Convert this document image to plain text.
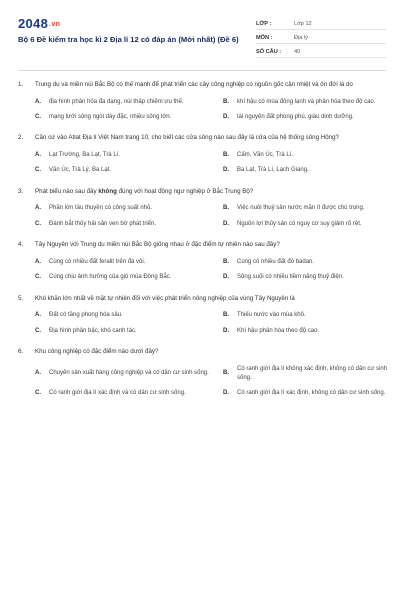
2048.vn
Bộ 6 Đề kiểm tra học kì 2 Địa lí 12 có đáp án (Mới nhất) (Đề 6)
LỚP :	Lớp 12
MÔN :	Địa lý
SỐ CÂU :	40
1.	Trung du và miền núi Bắc Bộ có thế mạnh để phát triển các cây công nghiệp có nguồn gốc cận nhiệt và ôn đới là do
A.	địa hình phân hóa đa dạng, núi thấp chiếm ưu thế.	B.	khí hậu có mùa đông lạnh và phân hóa theo độ cao.
C.	mạng lưới sông ngòi dày đặc, nhiều sông lớn.	D.	tài nguyên đất phong phú, giàu dinh dưỡng.
2.	Căn cứ vào Atlat Địa lí Việt Nam trang 10, cho biết các cửa sông nào sau đây là cửa của hệ thống sông Hồng?
A.	Lạt Trường, Ba Lạt, Trà Lí.	B.	Cấm, Văn Úc, Trà Lí.
C.	Văn Úc, Trà Lý, Ba Lạt.	D.	Ba Lạt, Trà Lí, Lạch Giang.
3.	Phát biểu nào sau đây không đúng với hoạt động ngư nghiệp ở Bắc Trung Bộ?
A.	Phần lớn tàu thuyền có công suất nhỏ.	B.	Việc nuôi thuỷ sản nước mặn ít được chú trọng.
C.	Đánh bắt thủy hải sản ven bờ phát triển.	D.	Nguồn lợi thủy sản có nguy cơ suy giảm rõ rệt.
4.	Tây Nguyên với Trung du miền núi Bắc Bộ giống nhau ở đặc điểm tự nhiên nào sau đây?
A.	Cùng có nhiều đất feralit trên đá vôi.	B.	Cùng có nhiều đất đỏ badan.
C.	Cùng chịu ảnh hưởng của gió mùa Đông Bắc.	D.	Sông suối có nhiều tiềm năng thuỷ điện.
5.	Khó khăn lớn nhất về mặt tự nhiên đối với việc phát triển nông nghiệp của vùng Tây Nguyên là
A.	Đất có tầng phong hóa sâu.	B.	Thiếu nước vào mùa khô.
C.	Địa hình phân bậc, khó canh tác.	D.	Khí hậu phân hóa theo độ cao.
6.	Khu công nghiệp có đặc điểm nào dưới đây?
A.	Chuyên sản xuất hàng công nghiệp và có dân cư sinh sống.	B.
Có ranh giới địa lí không xác định, không có dân cư sinh sống.
C.	Có ranh giới địa lí xác định và có dân cư sinh sống.	D.	Có ranh giới địa lí xác định, không có dân cư sinh sống.
